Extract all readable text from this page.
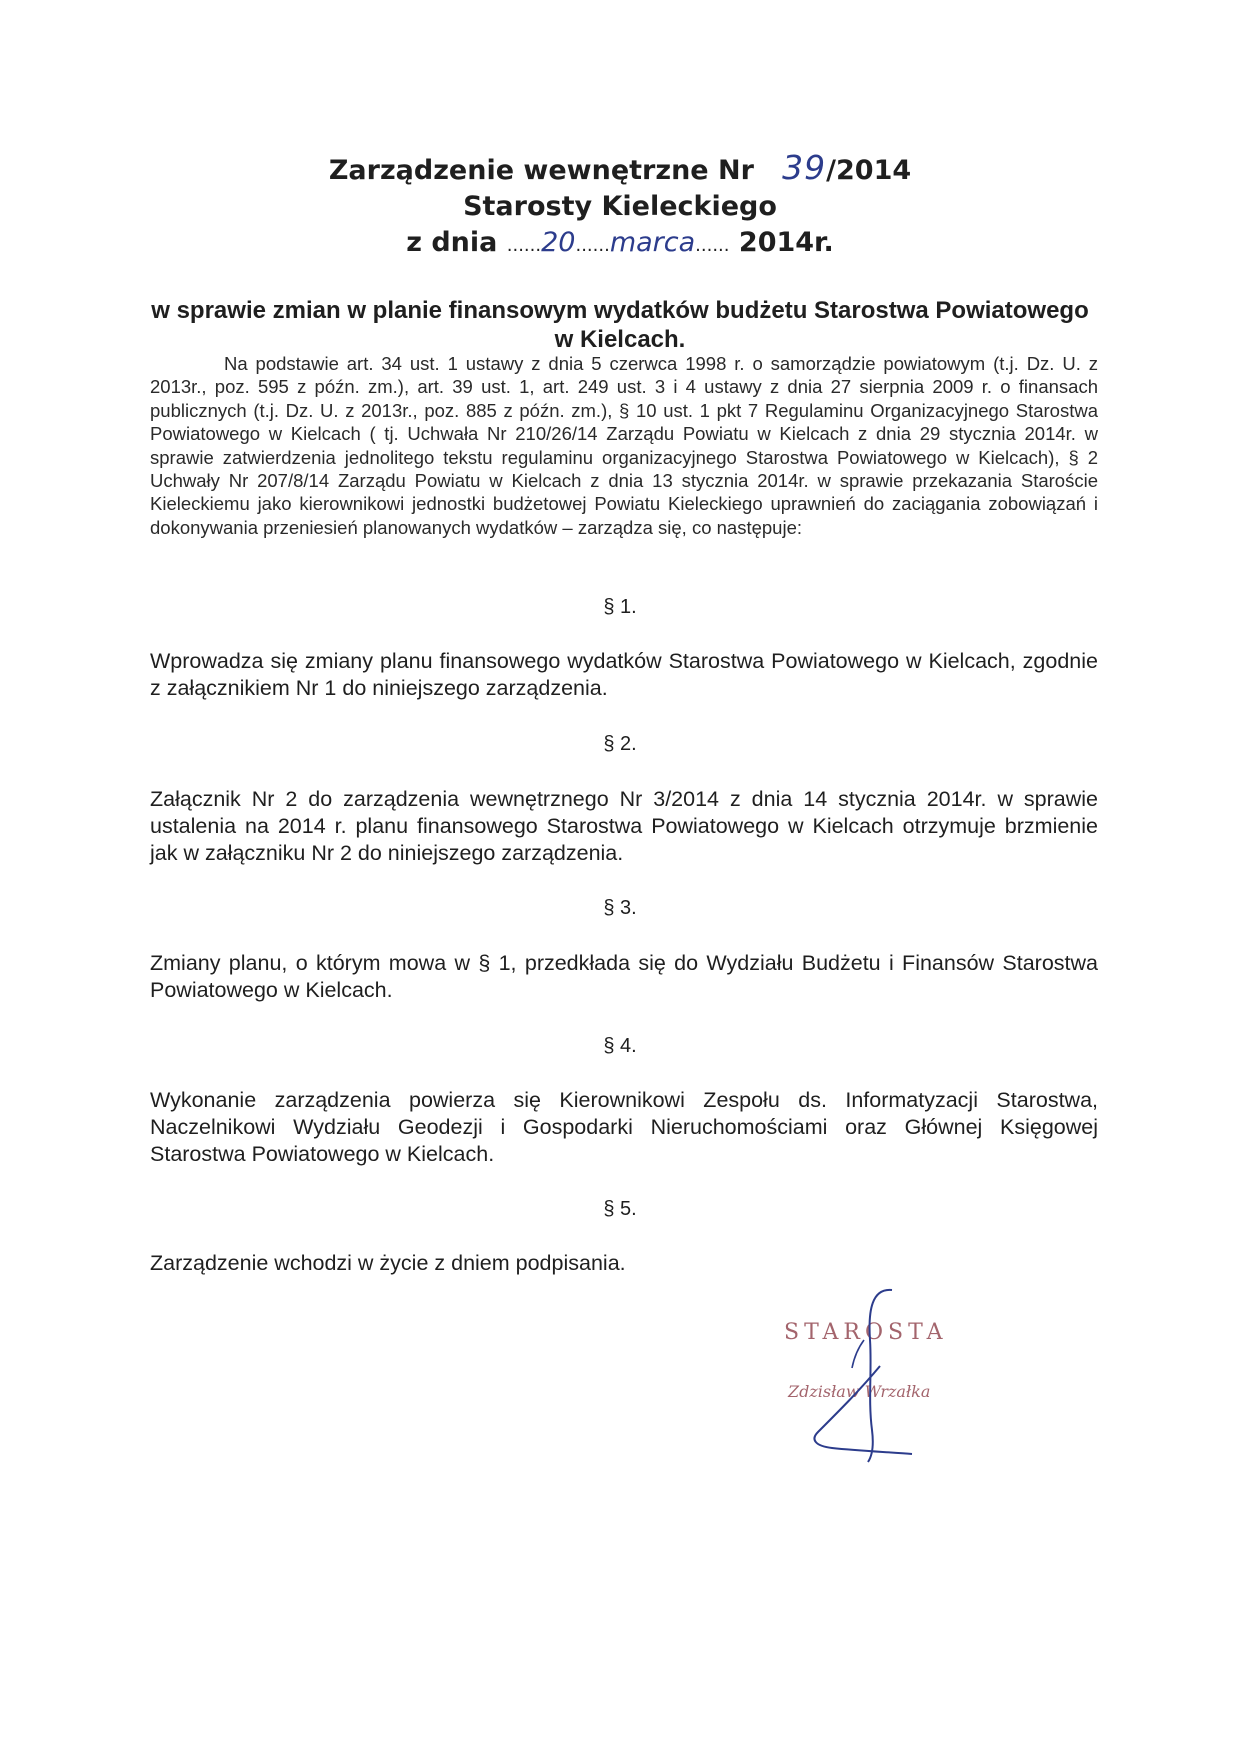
Zarządzenie wewnętrzne Nr 39/2014
Starosty Kieleckiego
z dnia ......20......marca...... 2014r.
w sprawie zmian w planie finansowym wydatków budżetu Starostwa Powiatowego w Kielcach.
Na podstawie art. 34 ust. 1 ustawy z dnia 5 czerwca 1998 r. o samorządzie powiatowym (t.j. Dz. U. z 2013r., poz. 595 z późn. zm.), art. 39 ust. 1, art. 249 ust. 3 i 4 ustawy z dnia 27 sierpnia 2009 r. o finansach publicznych (t.j. Dz. U. z 2013r., poz. 885 z późn. zm.), § 10 ust. 1 pkt 7 Regulaminu Organizacyjnego Starostwa Powiatowego w Kielcach ( tj. Uchwała Nr 210/26/14 Zarządu Powiatu w Kielcach z dnia 29 stycznia 2014r. w sprawie zatwierdzenia jednolitego tekstu regulaminu organizacyjnego Starostwa Powiatowego w Kielcach), § 2 Uchwały Nr 207/8/14 Zarządu Powiatu w Kielcach z dnia 13 stycznia 2014r. w sprawie przekazania Staroście Kieleckiemu jako kierownikowi jednostki budżetowej Powiatu Kieleckiego uprawnień do zaciągania zobowiązań i dokonywania przeniesień planowanych wydatków – zarządza się, co następuje:
§ 1.
Wprowadza się zmiany planu finansowego wydatków Starostwa Powiatowego w Kielcach, zgodnie z załącznikiem Nr 1 do niniejszego zarządzenia.
§ 2.
Załącznik Nr 2 do zarządzenia wewnętrznego Nr 3/2014 z dnia 14 stycznia 2014r. w sprawie ustalenia na 2014 r. planu finansowego Starostwa Powiatowego w Kielcach otrzymuje brzmienie jak w załączniku Nr 2 do niniejszego zarządzenia.
§ 3.
Zmiany planu, o którym mowa w § 1, przedkłada się do Wydziału Budżetu i Finansów Starostwa Powiatowego w Kielcach.
§ 4.
Wykonanie zarządzenia powierza się Kierownikowi Zespołu ds. Informatyzacji Starostwa, Naczelnikowi Wydziału Geodezji i Gospodarki Nieruchomościami oraz Głównej Księgowej Starostwa Powiatowego w Kielcach.
§ 5.
Zarządzenie wchodzi w życie z dniem podpisania.
STAROSTA
Zdzisław Wrzałka
